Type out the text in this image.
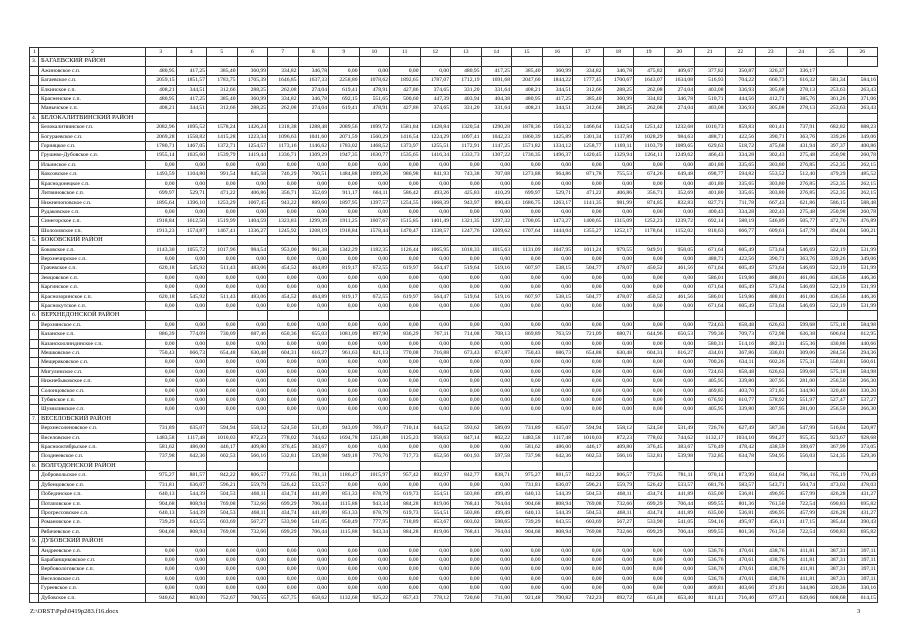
1	2	3	4	5	6	7	8	9	10	11	12	13	14	15	16	17	18	19	20	21	22	23	24	25	26
3.	БАГАЕВСКИЙ РАЙОН																								
	Ажиновское с.п.	480,95	417,25	385,40	360,99	334,82	346,78	0,00	0,00	0,00	0,00	480,95	417,25	385,40	360,99	334,82	346,78	475,82	409,67	377,82	350,87	326,37	336,17		
	Багаевское с.п.	2059,15	1851,57	1783,75	1705,39	1646,85	1637,33	2258,80	1078,62	1892,65	1787,07	1712,19	1691,68	2047,60	1844,22	1777,45	1700,67	1643,07	1634,08	516,93	704,22	660,73	616,32	581,34	584,16
	Елкинское с.п.	408,21	344,51	312,66	288,25	262,08	274,04	619,41	478,91	427,86	374,65	331,20	331,64	408,21	344,51	312,66	288,25	262,08	274,04	403,08	336,93	305,08	278,13	253,63	263,43
	Красненское с.п.	480,95	417,25	385,40	360,99	334,82	346,78	692,15	551,65	500,60	447,39	403,94	404,38	480,95	417,25	385,40	360,99	334,82	346,78	510,71	444,56	412,71	385,76	361,26	371,06
	Манычское с.п.	408,21	344,51	312,66	288,25	262,08	274,04	619,41	478,91	427,86	374,65	331,20	331,64	408,21	344,51	312,66	288,25	262,08	274,04	403,08	336,93	305,08	278,13	253,63	263,43
4.	БЕЛОКАЛИТВИНСКИЙ РАЙОН																								
	Белокалитвинское г.п.	2082,96	1695,52	1578,24	1426,24	1318,38	1288,48	2089,56	1699,72	1581,84	1428,84	1320,54	1290,28	1878,36	1563,32	1466,64	1342,54	1251,42	1232,68	1016,73	859,83	801,41	737,91	682,82	688,23
	Богураевское с.п.	2069,28	1558,82	1415,28	1223,34	1096,63	1041,60	2071,59	1560,29	1416,54	1224,29	1097,41	1042,23	1860,39	1425,89	1301,34	1137,89	1028,29	984,63	488,71	422,56	390,71	363,76	339,26	349,06
	Горняцкое с.п.	1780,71	1467,05	1372,71	1254,57	1173,16	1146,62	1783,02	1468,52	1373,97	1255,51	1172,91	1147,25	1571,82	1334,12	1258,77	1169,11	1103,79	1089,65	629,63	518,72	475,68	431,94	397,37	400,86
	Грушево-Дубовское с.п.	1955,14	1635,60	1539,79	1419,44	1336,71	1309,29	1947,35	1630,77	1535,65	1416,34	1333,73	1307,22	1736,35	1496,37	1420,45	1329,94	1264,11	1249,62	466,43	334,28	302,43	275,48	250,98	260,78
	Ильинское с.п.	0,00	0,00	0,00	0,00	0,00	0,00	0,00	0,00	0,00	0,00	0,00	0,00	0,00	0,00	0,00	0,00	0,00	0,00	401,80	335,65	303,80	276,85	252,35	262,15
	Коксовское с.п.	1493,59	1104,80	991,54	845,58	746,29	706,51	1484,88	1099,26	986,98	841,93	743,38	707,08	1273,88	964,86	871,78	755,53	674,26	649,48	698,77	594,82	553,52	512,40	479,29	485,52
	Краснодонецкое с.п.	0,00	0,00	0,00	0,00	0,00	0,00	0,00	0,00	0,00	0,00	0,00	0,00	0,00	0,00	0,00	0,00	0,00	0,00	401,80	335,65	303,80	276,85	252,35	262,15
	Литвиновское с.п.	699,97	529,71	471,22	406,86	356,71	352,69	911,17	664,11	586,42	493,26	425,83	410,29	699,97	529,71	471,22	406,86	356,71	352,69	401,80	335,65	303,80	276,85	252,35	262,15
	Нижнепоповское с.п.	1895,64	1396,10	1253,29	1067,45	943,22	889,60	1897,95	1397,57	1254,55	1068,39	943,97	890,43	1686,75	1263,17	1141,35	981,99	874,85	832,83	827,71	711,78	667,43	621,86	586,15	588,48
	Рудаковское с.п.	0,00	0,00	0,00	0,00	0,00	0,00	0,00	0,00	0,00	0,00	0,00	0,00	0,00	0,00	0,00	0,00	0,00	0,00	400,43	334,28	302,43	275,48	250,98	260,78
	Синегорское с.п.	1918,84	1612,50	1519,99	1404,59	1323,83	1299,39	1911,25	1607,67	1515,85	1401,49	1321,35	1297,32	1700,05	1473,27	1400,65	1315,09	1252,23	1239,72	692,14	588,19	546,89	505,77	472,76	476,89
	Шолоховское г.п.	1913,23	1574,87	1467,41	1336,27	1245,92	1208,19	1918,84	1578,44	1470,47	1338,57	1247,76	1209,62	1707,64	1444,04	1355,27	1252,17	1178,64	1152,02	818,63	666,77	609,61	547,79	494,04	500,21
5.	БОКОВСКИЙ РАЙОН																								
	Боковское с.п.	1143,30	1055,72	1017,96	984,54	953,00	961,38	1342,29	1182,35	1126,44	1065,95	1018,33	1015,63	1131,09	1047,95	1011,24	979,55	949,91	958,05	671,64	605,49	573,64	546,69	522,19	531,99
	Верхнечирское с.п.	0,00	0,00	0,00	0,00	0,00	0,00	0,00	0,00	0,00	0,00	0,00	0,00	0,00	0,00	0,00	0,00	0,00	0,00	488,71	422,56	390,71	363,76	339,26	349,06
	Грачевское с.п.	620,18	545,92	511,43	483,06	454,52	464,89	819,17	672,55	619,97	564,47	519,64	519,16	607,97	538,15	504,77	478,07	450,52	461,56	671,64	605,49	573,64	546,69	522,19	531,99
	Земцовское с.п.	0,00	0,00	0,00	0,00	0,00	0,00	0,00	0,00	0,00	0,00	0,00	0,00	0,00	0,00	0,00	0,00	0,00	0,00	586,01	519,86	488,01	461,06	436,56	446,36
	Каргинское с.п.	0,00	0,00	0,00	0,00	0,00	0,00	0,00	0,00	0,00	0,00	0,00	0,00	0,00	0,00	0,00	0,00	0,00	0,00	671,64	605,49	573,64	546,69	522,19	531,99
	Краснозоринское с.п.	620,18	545,92	511,43	483,06	454,52	464,89	819,17	672,55	619,97	564,47	519,64	519,16	607,97	538,15	504,77	478,07	450,52	461,56	586,01	519,86	488,01	461,06	436,56	446,36
	Краснокутское с.п.	0,00	0,00	0,00	0,00	0,00	0,00	0,00	0,00	0,00	0,00	0,00	0,00	0,00	0,00	0,00	0,00	0,00	0,00	671,64	605,49	573,64	546,69	522,19	531,99
6.	ВЕРХНЕДОНСКОЙ РАЙОН																								
	Верхнянское с.п.	0,00	0,00	0,00	0,00	0,00	0,00	0,00	0,00	0,00	0,00	0,00	0,00	0,00	0,00	0,00	0,00	0,00	0,00	724,63	658,48	626,63	599,68	575,18	584,98
	Казанское с.п.	886,39	774,09	730,09	687,46	650,36	655,03	1081,09	897,90	836,29	767,11	714,08	708,13	869,89	763,59	721,09	680,71	644,96	650,53	799,36	709,73	672,98	636,38	606,64	612,95
	Казанскоолиндинское с.п.	0,00	0,00	0,00	0,00	0,00	0,00	0,00	0,00	0,00	0,00	0,00	0,00	0,00	0,00	0,00	0,00	0,00	0,00	580,31	514,16	482,31	455,36	430,86	440,66
	Мешковское с.п.	750,43	666,73	654,48	630,48	604,31	616,27	961,63	821,13	770,08	716,88	673,43	673,87	750,43	686,73	654,88	630,48	604,31	616,27	434,01	367,86	336,01	309,06	284,56	294,36
	Мещеряковское с.п.	0,00	0,00	0,00	0,00	0,00	0,00	0,00	0,00	0,00	0,00	0,00	0,00	0,00	0,00	0,00	0,00	0,00	0,00	700,26	634,11	602,26	575,31	550,81	560,61
	Мигулинское с.п.	0,00	0,00	0,00	0,00	0,00	0,00	0,00	0,00	0,00	0,00	0,00	0,00	0,00	0,00	0,00	0,00	0,00	0,00	724,63	658,48	626,63	599,68	575,18	584,98
	Нижнебыковское с.п.	0,00	0,00	0,00	0,00	0,00	0,00	0,00	0,00	0,00	0,00	0,00	0,00	0,00	0,00	0,00	0,00	0,00	0,00	405,95	339,80	307,95	281,00	256,50	266,30
	Солонцовское с.п.	0,00	0,00	0,00	0,00	0,00	0,00	0,00	0,00	0,00	0,00	0,00	0,00	0,00	0,00	0,00	0,00	0,00	0,00	469,85	403,70	371,85	344,90	320,40	330,20
	Тубянское с.п.	0,00	0,00	0,00	0,00	0,00	0,00	0,00	0,00	0,00	0,00	0,00	0,00	0,00	0,00	0,00	0,00	0,00	0,00	676,92	610,77	578,92	551,97	527,47	537,27
	Шумилинское с.п.	0,00	0,00	0,00	0,00	0,00	0,00	0,00	0,00	0,00	0,00	0,00	0,00	0,00	0,00	0,00	0,00	0,00	0,00	405,95	339,80	307,95	281,00	256,50	266,30
7.	ВЕСЕЛОВСКИЙ РАЙОН																								
	Верхнесоленовское с.п.	731,89	635,07	594,94	558,12	524,50	531,49	943,09	769,47	710,14	644,52	593,62	589,09	731,89	635,07	594,94	558,12	524,50	531,49	726,76	627,49	587,36	547,99	516,04	520,87
	Веселовское с.п.	1483,58	1117,48	1010,03	872,23	778,02	744,62	1694,78	1251,88	1125,23	958,63	847,14	802,22	1483,58	1117,48	1010,03	872,23	778,02	744,62	1132,17	1034,10	994,27	955,35	923,67	928,68
	Краснооктябрьское с.п.	581,62	486,00	446,17	409,80	376,45	383,67	0,00	0,00	0,00	0,00	0,00	0,00	581,62	486,00	446,17	409,80	376,45	383,67	576,49	478,42	438,59	399,67	367,99	373,05
	Позднеевское с.п.	737,98	642,36	602,53	566,16	532,81	539,98	949,18	776,76	717,73	652,56	601,93	597,58	737,98	642,36	602,53	566,16	532,81	539,98	732,85	634,78	594,95	556,03	524,35	529,36
8.	ВОЛГОДОНСКОЙ РАЙОН																								
	Добровольское с.п.	975,27	881,57	842,22	806,57	773,65	781,11	1186,47	1015,97	957,42	892,97	842,77	838,71	975,27	881,57	842,22	806,57	773,65	781,11	970,14	873,99	834,64	796,44	765,19	770,49
	Дубенцовское с.п.	731,81	636,07	596,21	559,79	526,42	533,57	0,00	0,00	0,00	0,00	0,00	0,00	731,81	636,07	596,21	559,79	526,42	533,57	681,76	583,57	543,71	504,74	473,03	478,03
	Побединское с.п.	640,13	544,39	504,53	468,11	434,74	441,89	851,33	678,79	619,73	554,51	503,86	499,49	640,13	544,39	504,53	468,11	434,74	441,89	635,00	536,81	496,95	457,99	426,28	431,27
	Потаповское с.п.	904,68	808,94	769,08	732,66	699,29	706,44	1115,88	943,34	884,28	819,06	768,41	764,04	904,68	808,94	769,08	732,66	699,29	706,44	899,55	801,36	761,50	722,54	690,83	695,82
	Прогрессовское с.п.	640,13	544,39	504,53	468,11	434,74	441,89	851,33	678,79	619,73	554,51	503,86	499,49	640,13	544,39	504,53	468,11	434,74	441,89	635,00	536,81	496,95	457,99	426,28	431,27
	Романовское с.п.	739,29	643,55	603,69	567,27	533,90	541,05	950,49	777,95	718,89	653,67	603,02	598,65	739,29	643,55	603,69	567,27	533,90	541,05	594,16	495,97	456,11	417,15	385,44	390,43
	Рябичевское с.п.	904,68	808,94	769,08	732,66	699,29	706,44	1115,88	943,34	884,28	819,06	768,41	764,04	904,68	808,94	769,08	732,66	699,29	706,44	899,55	801,36	761,50	722,54	690,83	695,82
9.	ДУБОВСКИЙ РАЙОН																								
	Андреевское с.п.	0,00	0,00	0,00	0,00	0,00	0,00	0,00	0,00	0,00	0,00	0,00	0,00	0,00	0,00	0,00	0,00	0,00	0,00	536,76	470,61	438,76	411,81	387,31	397,11
	Барабанщиковское с.п.	0,00	0,00	0,00	0,00	0,00	0,00	0,00	0,00	0,00	0,00	0,00	0,00	0,00	0,00	0,00	0,00	0,00	0,00	536,76	470,61	438,76	411,81	387,31	397,11
	Вербовологовское с.п.	0,00	0,00	0,00	0,00	0,00	0,00	0,00	0,00	0,00	0,00	0,00	0,00	0,00	0,00	0,00	0,00	0,00	0,00	536,76	470,61	438,76	411,81	387,31	397,11
	Веселовское с.п.	0,00	0,00	0,00	0,00	0,00	0,00	0,00	0,00	0,00	0,00	0,00	0,00	0,00	0,00	0,00	0,00	0,00	0,00	536,76	470,61	438,76	411,81	387,31	397,11
	Гуреевское с.п.	0,00	0,00	0,00	0,00	0,00	0,00	0,00	0,00	0,00	0,00	0,00	0,00	0,00	0,00	0,00	0,00	0,00	0,00	469,81	403,66	371,81	344,86	320,36	330,16
	Дубовское с.п.	940,62	803,00	752,67	700,55	657,75	658,62	1132,68	925,22	857,43	778,12	720,60	711,00	921,48	790,82	742,23	692,72	651,48	653,40	811,41	716,46	677,41	639,66	608,68	614,15
Z:\ORST\Ppd\0419p283.f16.docx	3
